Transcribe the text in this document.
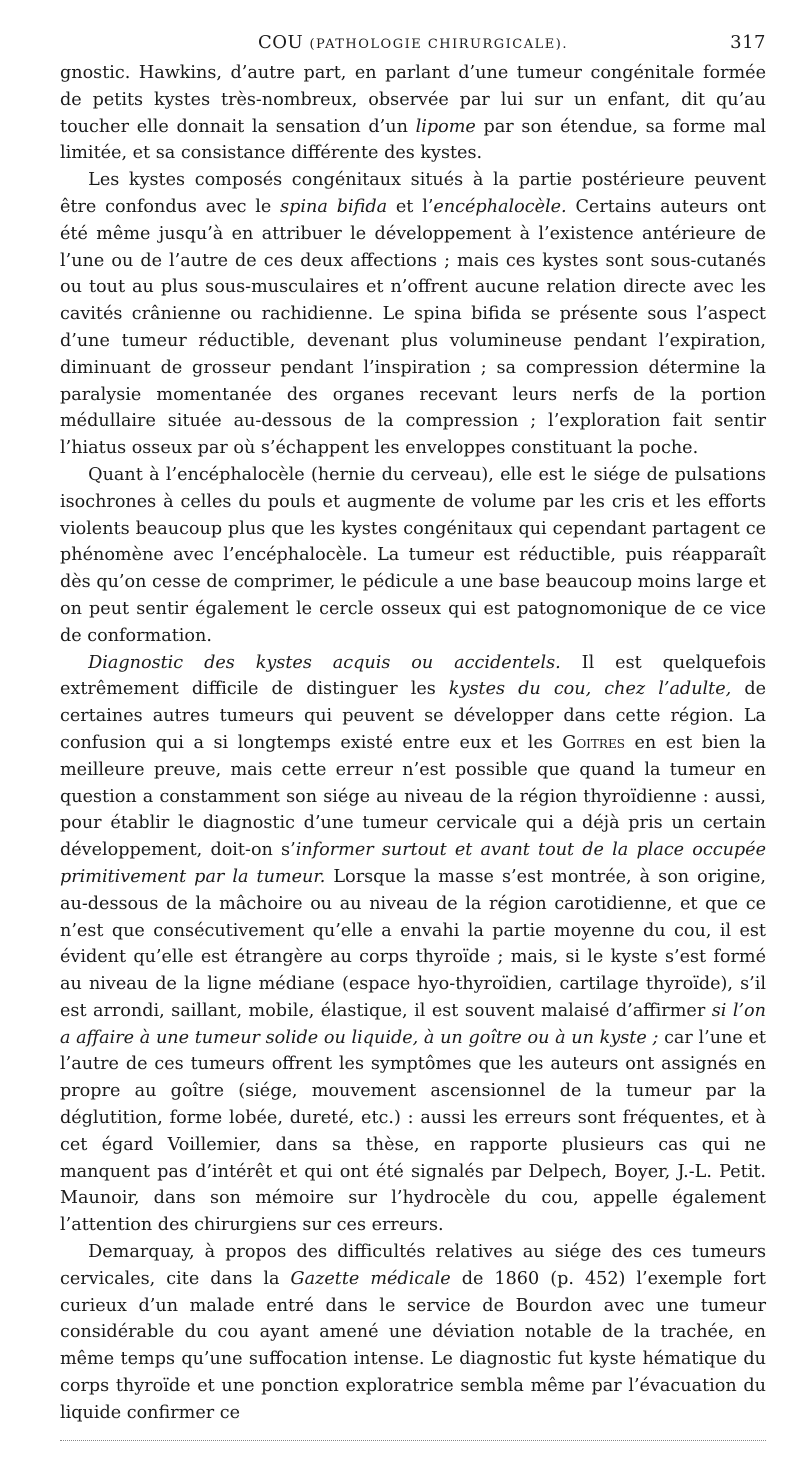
COU (PATHOLOGIE CHIRURGICALE).	317

gnostic. Hawkins, d’autre part, en parlant d’une tumeur congénitale formée de petits kystes très-nombreux, observée par lui sur un enfant, dit qu’au toucher elle donnait la sensation d’un lipome par son étendue, sa forme mal limitée, et sa consistance différente des kystes.

Les kystes composés congénitaux situés à la partie postérieure peuvent être confondus avec le spina bifida et l’encéphalocèle. Certains auteurs ont été même jusqu’à en attribuer le développement à l’existence antérieure de l’une ou de l’autre de ces deux affections ; mais ces kystes sont sous-cutanés ou tout au plus sous-musculaires et n’offrent aucune relation directe avec les cavités crânienne ou rachidienne. Le spina bifida se présente sous l’aspect d’une tumeur réductible, devenant plus volumineuse pendant l’expiration, diminuant de grosseur pendant l’inspiration ; sa compression détermine la paralysie momentanée des organes recevant leurs nerfs de la portion médullaire située au-dessous de la compression ; l’exploration fait sentir l’hiatus osseux par où s’échappent les enveloppes constituant la poche.

Quant à l’encéphalocèle (hernie du cerveau), elle est le siége de pulsations isochrones à celles du pouls et augmente de volume par les cris et les efforts violents beaucoup plus que les kystes congénitaux qui cependant partagent ce phénomène avec l’encéphalocèle. La tumeur est réductible, puis réapparaît dès qu’on cesse de comprimer, le pédicule a une base beaucoup moins large et on peut sentir également le cercle osseux qui est patognomonique de ce vice de conformation.

Diagnostic des kystes acquis ou accidentels. Il est quelquefois extrêmement difficile de distinguer les kystes du cou, chez l’adulte, de certaines autres tumeurs qui peuvent se développer dans cette région. La confusion qui a si longtemps existé entre eux et les Goitres en est bien la meilleure preuve, mais cette erreur n’est possible que quand la tumeur en question a constamment son siége au niveau de la région thyroïdienne : aussi, pour établir le diagnostic d’une tumeur cervicale qui a déjà pris un certain développement, doit-on s’informer surtout et avant tout de la place occupée primitivement par la tumeur. Lorsque la masse s’est montrée, à son origine, au-dessous de la mâchoire ou au niveau de la région carotidienne, et que ce n’est que consécutivement qu’elle a envahi la partie moyenne du cou, il est évident qu’elle est étrangère au corps thyroïde ; mais, si le kyste s’est formé au niveau de la ligne médiane (espace hyo-thyroïdien, cartilage thyroïde), s’il est arrondi, saillant, mobile, élastique, il est souvent malaisé d’affirmer si l’on a affaire à une tumeur solide ou liquide, à un goître ou à un kyste ; car l’une et l’autre de ces tumeurs offrent les symptômes que les auteurs ont assignés en propre au goître (siége, mouvement ascensionnel de la tumeur par la déglutition, forme lobée, dureté, etc.) : aussi les erreurs sont fréquentes, et à cet égard Voillemier, dans sa thèse, en rapporte plusieurs cas qui ne manquent pas d’intérêt et qui ont été signalés par Delpech, Boyer, J.-L. Petit. Maunoir, dans son mémoire sur l’hydrocèle du cou, appelle également l’attention des chirurgiens sur ces erreurs.

Demarquay, à propos des difficultés relatives au siége des ces tumeurs cervicales, cite dans la Gazette médicale de 1860 (p. 452) l’exemple fort curieux d’un malade entré dans le service de Bourdon avec une tumeur considérable du cou ayant amené une déviation notable de la trachée, en même temps qu’une suffocation intense. Le diagnostic fut kyste hématique du corps thyroïde et une ponction exploratrice sembla même par l’évacuation du liquide confirmer ce
